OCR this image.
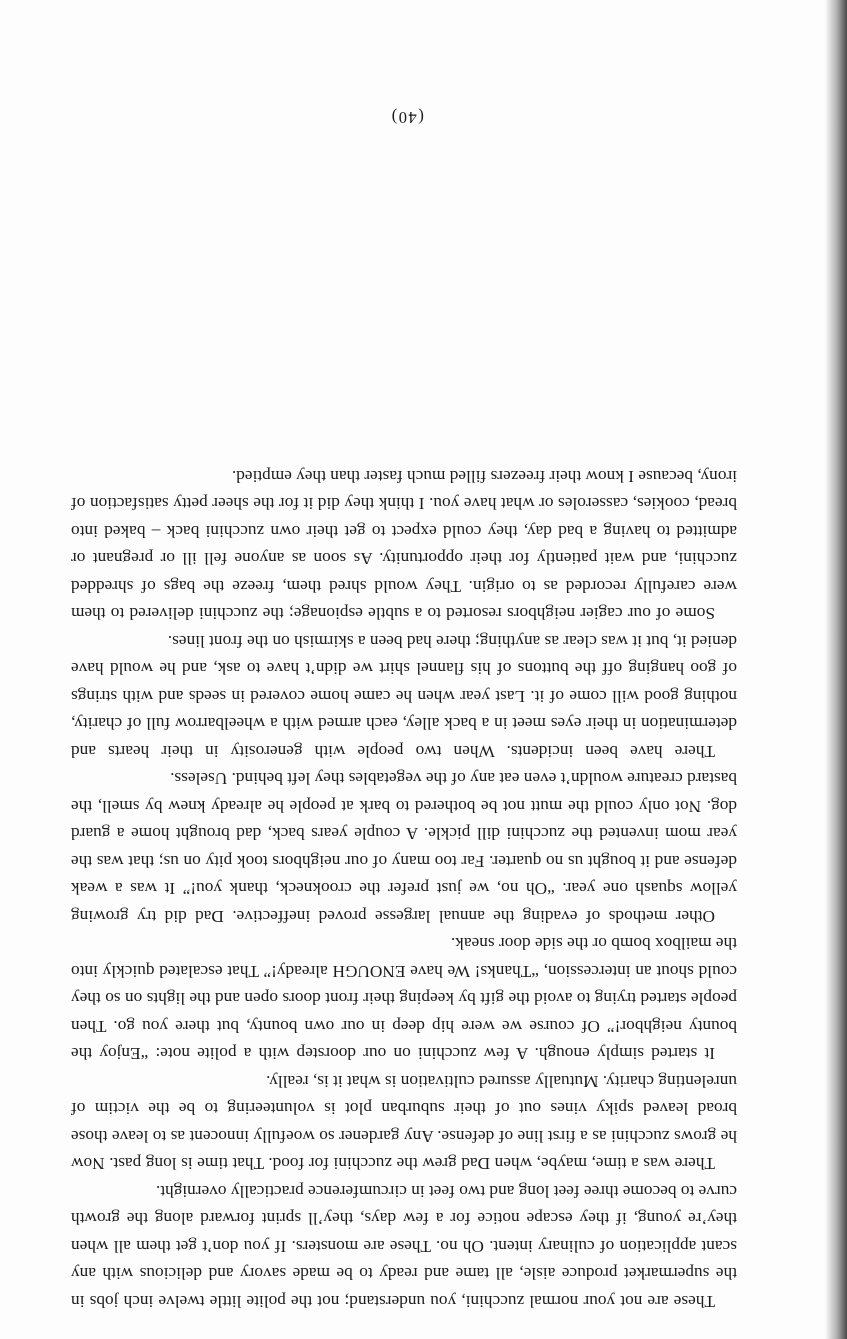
These are not your normal zucchini, you understand; not the polite little twelve inch jobs in the supermarket produce aisle, all tame and ready to be made savory and delicious with any scant application of culinary intent. Oh no. These are monsters. If you don’t get them all when they’re young, if they escape notice for a few days, they’ll sprint forward along the growth curve to become three feet long and two feet in circumference practically overnight.

There was a time, maybe, when Dad grew the zucchini for food. That time is long past. Now he grows zucchini as a first line of defense. Any gardener so woefully innocent as to leave those broad leaved spiky vines out of their suburban plot is volunteering to be the victim of unrelenting charity. Mutually assured cultivation is what it is, really.

It started simply enough. A few zucchini on our doorstep with a polite note: “Enjoy the bounty neighbor!” Of course we were hip deep in our own bounty, but there you go. Then people started trying to avoid the gift by keeping their front doors open and the lights on so they could shout an intercession, “Thanks! We have ENOUGH already!” That escalated quickly into the mailbox bomb or the side door sneak.

Other methods of evading the annual largesse proved ineffective. Dad did try growing yellow squash one year. “Oh no, we just prefer the crookneck, thank you!” It was a weak defense and it bought us no quarter. Far too many of our neighbors took pity on us; that was the year mom invented the zucchini dill pickle. A couple years back, dad brought home a guard dog. Not only could the mutt not be bothered to bark at people he already knew by smell, the bastard creature wouldn’t even eat any of the vegetables they left behind. Useless.

There have been incidents. When two people with generosity in their hearts and determination in their eyes meet in a back alley, each armed with a wheelbarrow full of charity, nothing good will come of it. Last year when he came home covered in seeds and with strings of goo hanging off the buttons of his flannel shirt we didn’t have to ask, and he would have denied it, but it was clear as anything; there had been a skirmish on the front lines.

Some of our cagier neighbors resorted to a subtle espionage; the zucchini delivered to them were carefully recorded as to origin. They would shred them, freeze the bags of shredded zucchini, and wait patiently for their opportunity. As soon as anyone fell ill or pregnant or admitted to having a bad day, they could expect to get their own zucchini back – baked into bread, cookies, casseroles or what have you. I think they did it for the sheer petty satisfaction of irony, because I know their freezers filled much faster than they emptied.

(40)
